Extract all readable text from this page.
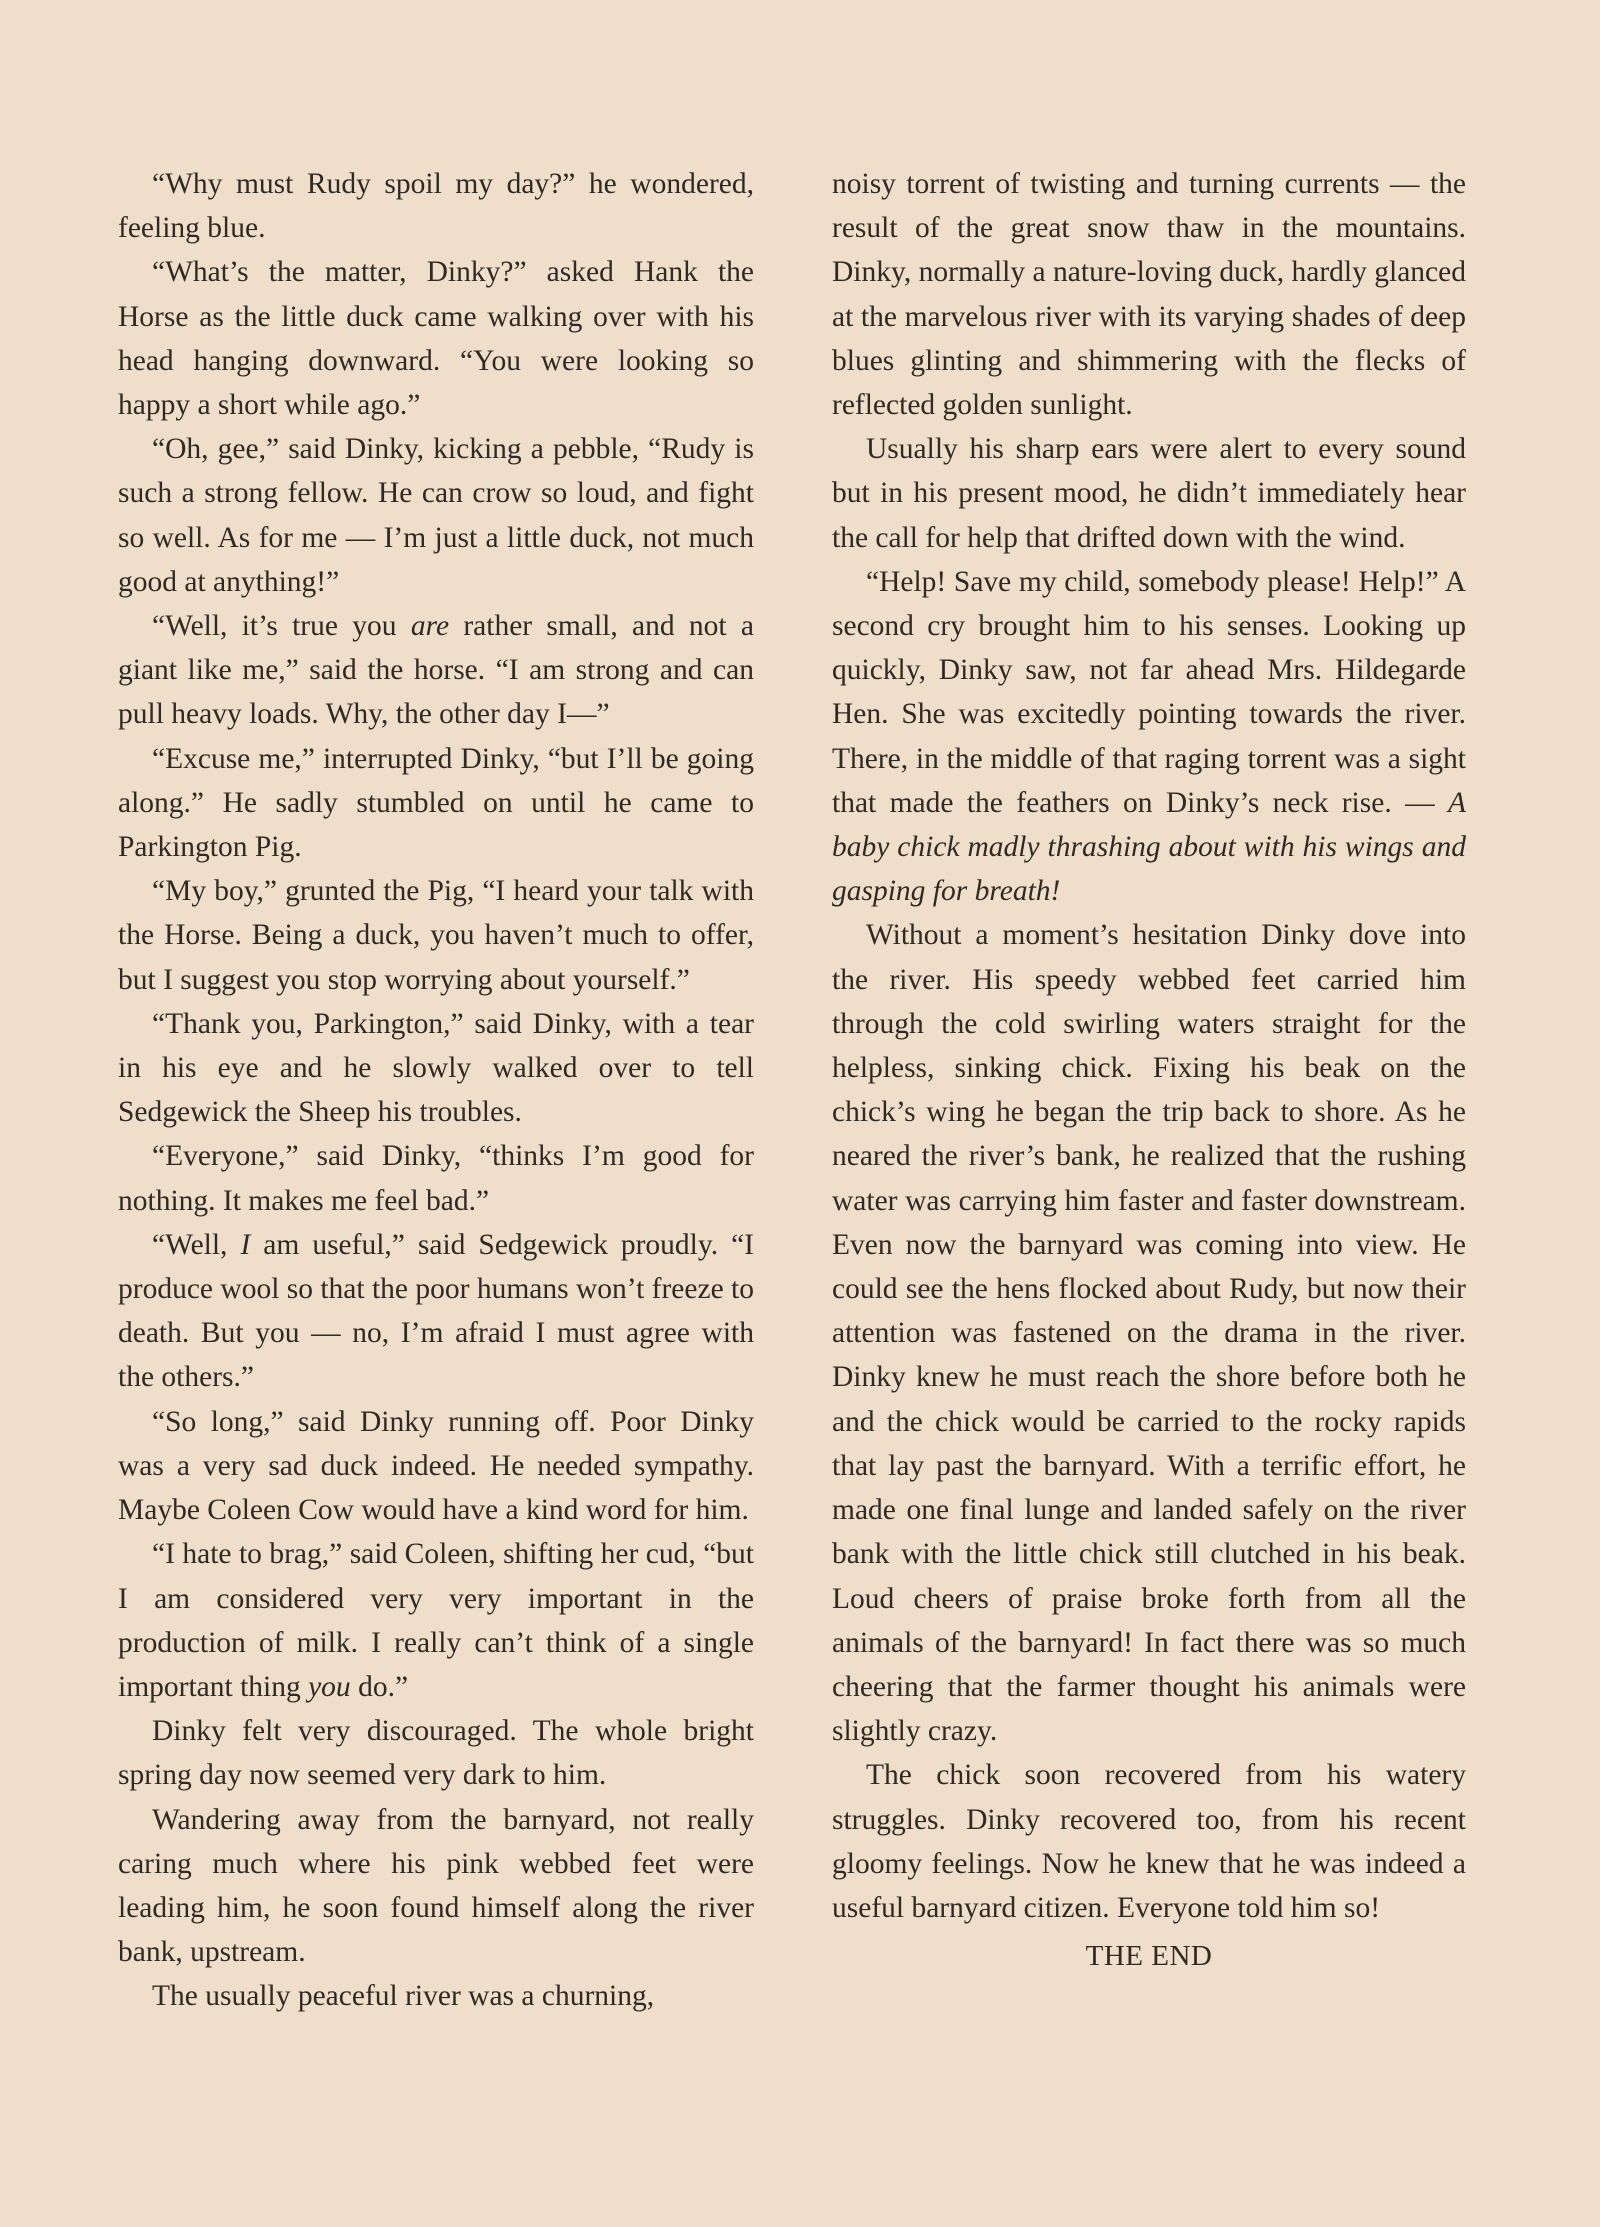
“Why must Rudy spoil my day?” he wondered, feeling blue.

“What’s the matter, Dinky?” asked Hank the Horse as the little duck came walking over with his head hanging downward. “You were looking so happy a short while ago.”

“Oh, gee,” said Dinky, kicking a pebble, “Rudy is such a strong fellow. He can crow so loud, and fight so well. As for me — I’m just a little duck, not much good at anything!”

“Well, it’s true you are rather small, and not a giant like me,” said the horse. “I am strong and can pull heavy loads. Why, the other day I—”

“Excuse me,” interrupted Dinky, “but I’ll be going along.” He sadly stumbled on until he came to Parkington Pig.

“My boy,” grunted the Pig, “I heard your talk with the Horse. Being a duck, you haven’t much to offer, but I suggest you stop worrying about yourself.”

“Thank you, Parkington,” said Dinky, with a tear in his eye and he slowly walked over to tell Sedgewick the Sheep his troubles.

“Everyone,” said Dinky, “thinks I’m good for nothing. It makes me feel bad.”

“Well, I am useful,” said Sedgewick proudly. “I produce wool so that the poor humans won’t freeze to death. But you — no, I’m afraid I must agree with the others.”

“So long,” said Dinky running off. Poor Dinky was a very sad duck indeed. He needed sympathy. Maybe Coleen Cow would have a kind word for him.

“I hate to brag,” said Coleen, shifting her cud, “but I am considered very very important in the production of milk. I really can’t think of a single important thing you do.”

Dinky felt very discouraged. The whole bright spring day now seemed very dark to him.

Wandering away from the barnyard, not really caring much where his pink webbed feet were leading him, he soon found himself along the river bank, upstream.

The usually peaceful river was a churning,

noisy torrent of twisting and turning currents — the result of the great snow thaw in the mountains. Dinky, normally a nature-loving duck, hardly glanced at the marvelous river with its varying shades of deep blues glinting and shimmering with the flecks of reflected golden sunlight.

Usually his sharp ears were alert to every sound but in his present mood, he didn’t immediately hear the call for help that drifted down with the wind.

“Help! Save my child, somebody please! Help!” A second cry brought him to his senses. Looking up quickly, Dinky saw, not far ahead Mrs. Hildegarde Hen. She was excitedly pointing towards the river. There, in the middle of that raging torrent was a sight that made the feathers on Dinky’s neck rise. — A baby chick madly thrashing about with his wings and gasping for breath!

Without a moment’s hesitation Dinky dove into the river. His speedy webbed feet carried him through the cold swirling waters straight for the helpless, sinking chick. Fixing his beak on the chick’s wing he began the trip back to shore. As he neared the river’s bank, he realized that the rushing water was carrying him faster and faster downstream. Even now the barnyard was coming into view. He could see the hens flocked about Rudy, but now their attention was fastened on the drama in the river. Dinky knew he must reach the shore before both he and the chick would be carried to the rocky rapids that lay past the barnyard. With a terrific effort, he made one final lunge and landed safely on the river bank with the little chick still clutched in his beak. Loud cheers of praise broke forth from all the animals of the barnyard! In fact there was so much cheering that the farmer thought his animals were slightly crazy.

The chick soon recovered from his watery struggles. Dinky recovered too, from his recent gloomy feelings. Now he knew that he was indeed a useful barnyard citizen. Everyone told him so!

THE END
